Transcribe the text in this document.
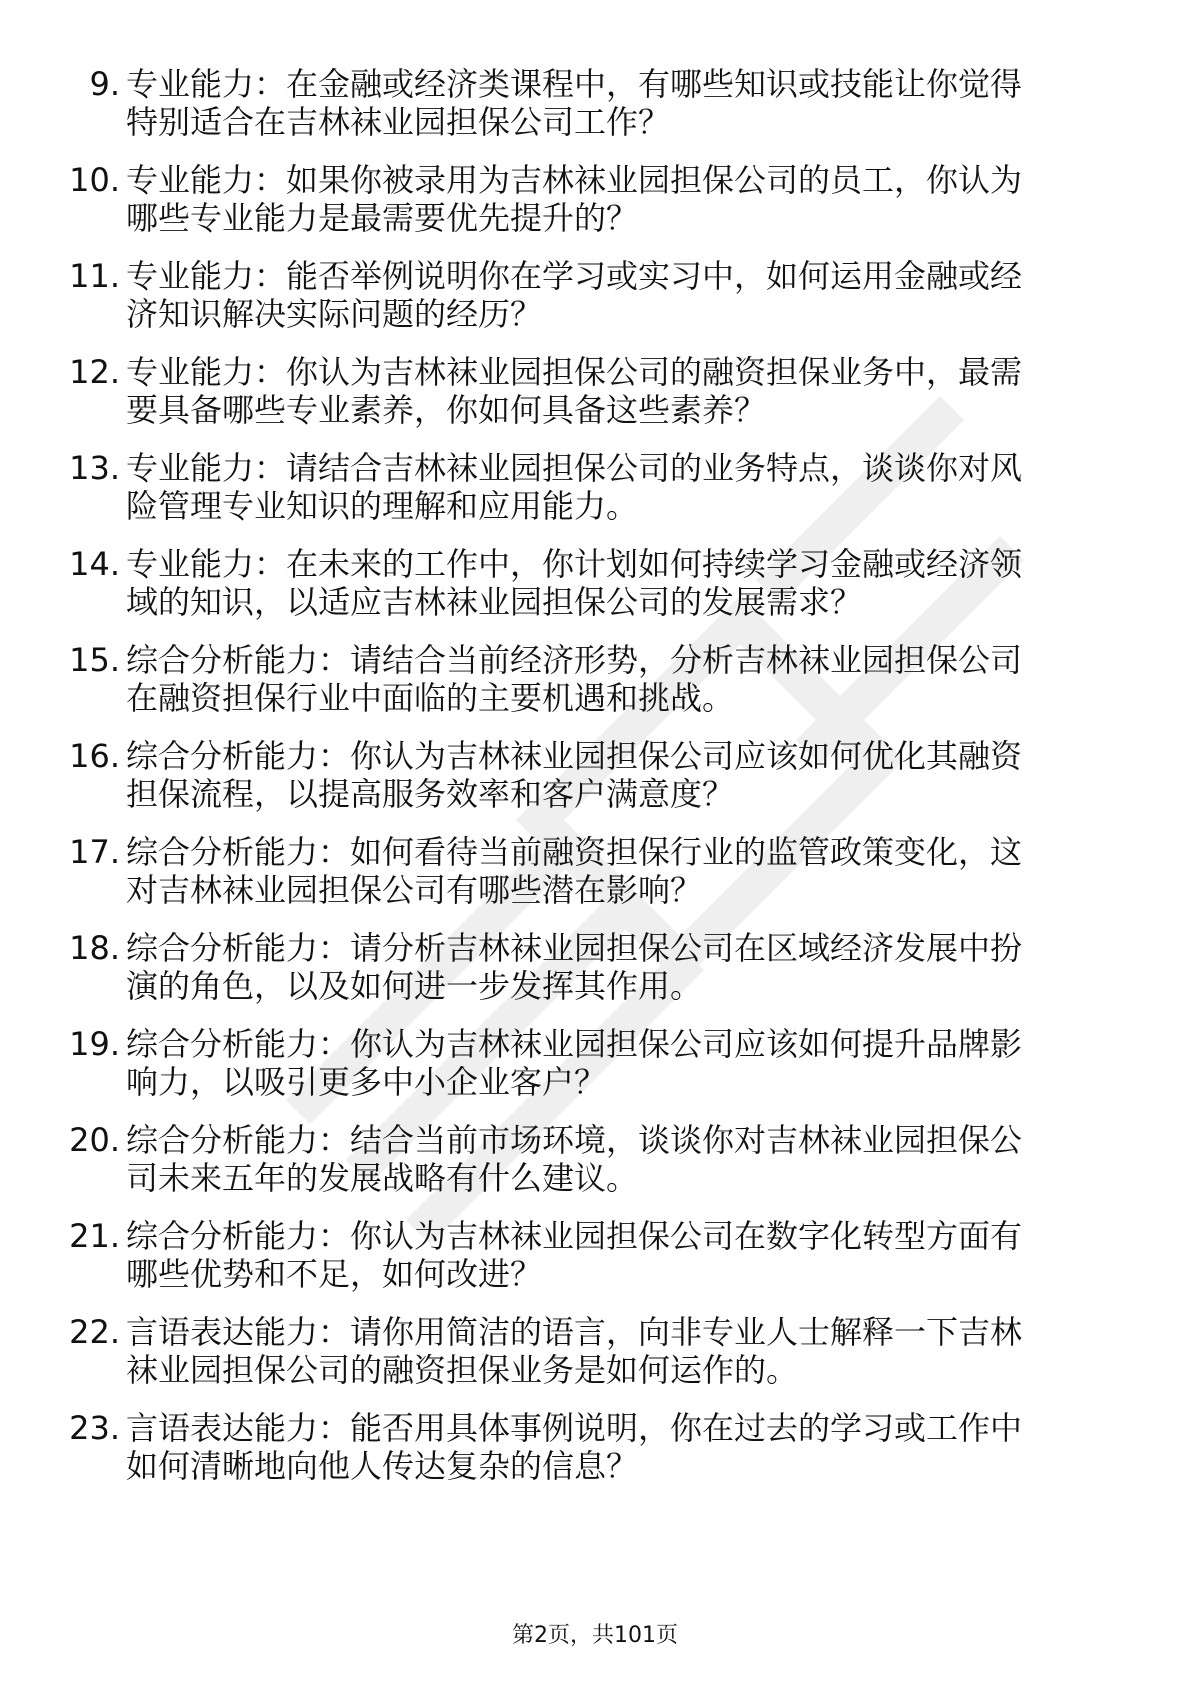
9. 专业能力：在金融或经济类课程中，有哪些知识或技能让你觉得
特别适合在吉林袜业园担保公司工作？
10. 专业能力：如果你被录用为吉林袜业园担保公司的员工，你认为
哪些专业能力是最需要优先提升的？
11. 专业能力：能否举例说明你在学习或实习中，如何运用金融或经
济知识解决实际问题的经历？
12. 专业能力：你认为吉林袜业园担保公司的融资担保业务中，最需
要具备哪些专业素养，你如何具备这些素养？
13. 专业能力：请结合吉林袜业园担保公司的业务特点，谈谈你对风
险管理专业知识的理解和应用能力。
14. 专业能力：在未来的工作中，你计划如何持续学习金融或经济领
域的知识，以适应吉林袜业园担保公司的发展需求？
15. 综合分析能力：请结合当前经济形势，分析吉林袜业园担保公司
在融资担保行业中面临的主要机遇和挑战。
16. 综合分析能力：你认为吉林袜业园担保公司应该如何优化其融资
担保流程，以提高服务效率和客户满意度？
17. 综合分析能力：如何看待当前融资担保行业的监管政策变化，这
对吉林袜业园担保公司有哪些潜在影响？
18. 综合分析能力：请分析吉林袜业园担保公司在区域经济发展中扮
演的角色，以及如何进一步发挥其作用。
19. 综合分析能力：你认为吉林袜业园担保公司应该如何提升品牌影
响力，以吸引更多中小企业客户？
20. 综合分析能力：结合当前市场环境，谈谈你对吉林袜业园担保公
司未来五年的发展战略有什么建议。
21. 综合分析能力：你认为吉林袜业园担保公司在数字化转型方面有
哪些优势和不足，如何改进？
22. 言语表达能力：请你用简洁的语言，向非专业人士解释一下吉林
袜业园担保公司的融资担保业务是如何运作的。
23. 言语表达能力：能否用具体事例说明，你在过去的学习或工作中
如何清晰地向他人传达复杂的信息？
第2页，共101页
